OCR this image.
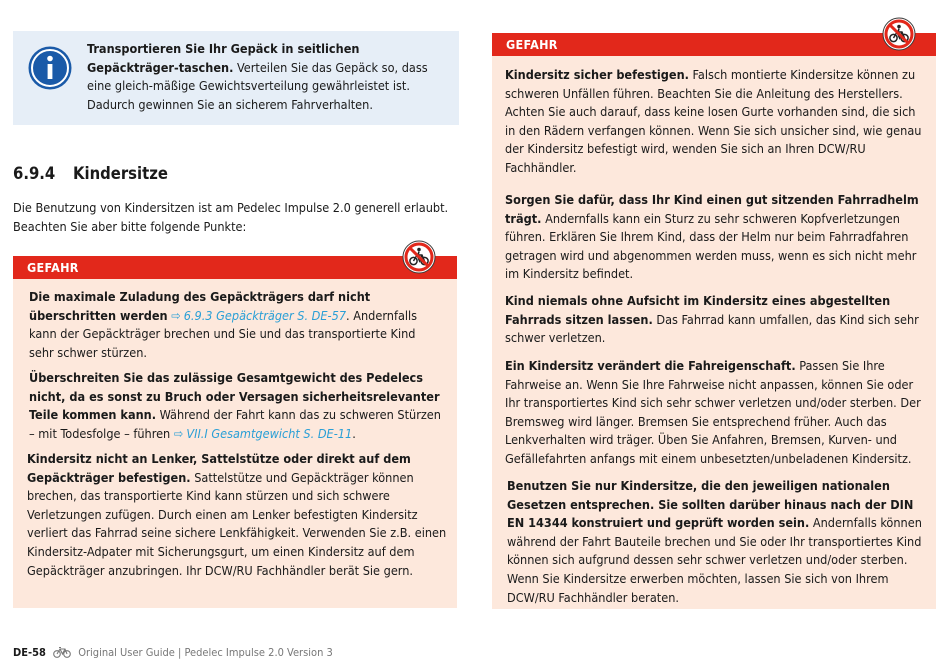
Transportieren Sie Ihr Gepäck in seitlichen Gepäckträger-taschen. Verteilen Sie das Gepäck so, dass eine gleich-mäßige Gewichtsverteilung gewährleistet ist. Dadurch gewinnen Sie an sicherem Fahrverhalten.

6.9.4 Kindersitze

Die Benutzung von Kindersitzen ist am Pedelec Impulse 2.0 generell erlaubt. Beachten Sie aber bitte folgende Punkte:

GEFAHR

Die maximale Zuladung des Gepäckträgers darf nicht überschritten werden ⇨ 6.9.3 Gepäckträger S. DE-57. Andernfalls kann der Gepäckträger brechen und Sie und das transportierte Kind sehr schwer stürzen.

Überschreiten Sie das zulässige Gesamtgewicht des Pedelecs nicht, da es sonst zu Bruch oder Versagen sicherheitsrelevanter Teile kommen kann. Während der Fahrt kann das zu schweren Stürzen – mit Todesfolge – führen ⇨ VII.I Gesamtgewicht S. DE-11.

Kindersitz nicht an Lenker, Sattelstütze oder direkt auf dem Gepäckträger befestigen. Sattelstütze und Gepäckträger können brechen, das transportierte Kind kann stürzen und sich schwere Verletzungen zufügen. Durch einen am Lenker befestigten Kindersitz verliert das Fahrrad seine sichere Lenkfähigkeit. Verwenden Sie z.B. einen Kindersitz-Adpater mit Sicherungsgurt, um einen Kindersitz auf dem Gepäckträger anzubringen. Ihr DCW/RU Fachhändler berät Sie gern.

GEFAHR

Kindersitz sicher befestigen. Falsch montierte Kindersitze können zu schweren Unfällen führen. Beachten Sie die Anleitung des Herstellers. Achten Sie auch darauf, dass keine losen Gurte vorhanden sind, die sich in den Rädern verfangen können. Wenn Sie sich unsicher sind, wie genau der Kindersitz befestigt wird, wenden Sie sich an Ihren DCW/RU Fachhändler.

Sorgen Sie dafür, dass Ihr Kind einen gut sitzenden Fahrradhelm trägt. Andernfalls kann ein Sturz zu sehr schweren Kopfverletzungen führen. Erklären Sie Ihrem Kind, dass der Helm nur beim Fahrradfahren getragen wird und abgenommen werden muss, wenn es sich nicht mehr im Kindersitz befindet.

Kind niemals ohne Aufsicht im Kindersitz eines abgestellten Fahrrads sitzen lassen. Das Fahrrad kann umfallen, das Kind sich sehr schwer verletzen.

Ein Kindersitz verändert die Fahreigenschaft. Passen Sie Ihre Fahrweise an. Wenn Sie Ihre Fahrweise nicht anpassen, können Sie oder Ihr transportiertes Kind sich sehr schwer verletzen und/oder sterben. Der Bremsweg wird länger. Bremsen Sie entsprechend früher. Auch das Lenkverhalten wird träger. Üben Sie Anfahren, Bremsen, Kurven- und Gefällefahrten anfangs mit einem unbesetzten/unbeladenen Kindersitz.

Benutzen Sie nur Kindersitze, die den jeweiligen nationalen Gesetzen entsprechen. Sie sollten darüber hinaus nach der DIN EN 14344 konstruiert und geprüft worden sein. Andernfalls können während der Fahrt Bauteile brechen und Sie oder Ihr transportiertes Kind können sich aufgrund dessen sehr schwer verletzen und/oder sterben. Wenn Sie Kindersitze erwerben möchten, lassen Sie sich von Ihrem DCW/RU Fachhändler beraten.

DE-58	Original User Guide | Pedelec Impulse 2.0 Version 3
